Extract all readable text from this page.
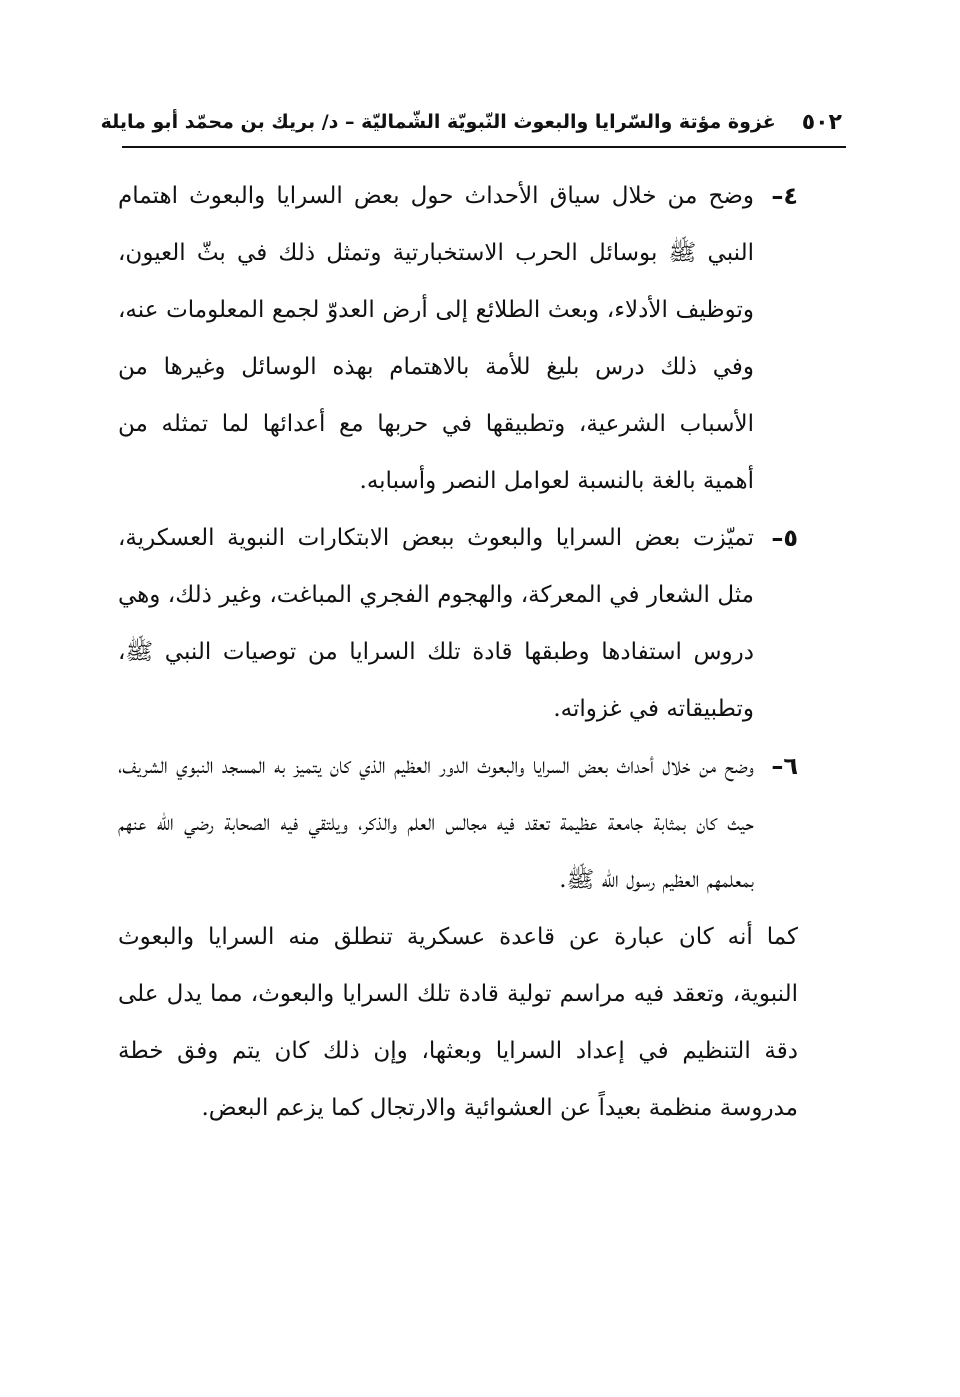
٥٠٢
غزوة مؤتة والسّرايا والبعوث النّبويّة الشّماليّة – د/ بريك بن محمّد أبو مايلة
٤–
وضح من خلال سياق الأحداث حول بعض السرايا والبعوث اهتمام النبي ﷺ بوسائل الحرب الاستخبارتية وتمثل ذلك في بثّ العيون، وتوظيف الأدلاء، وبعث الطلائع إلى أرض العدوّ لجمع المعلومات عنه، وفي ذلك درس بليغ للأمة بالاهتمام بهذه الوسائل وغيرها من الأسباب الشرعية، وتطبيقها في حربها مع أعدائها لما تمثله من أهمية بالغة بالنسبة لعوامل النصر وأسبابه.
٥–
تميّزت بعض السرايا والبعوث ببعض الابتكارات النبوية العسكرية، مثل الشعار في المعركة، والهجوم الفجري المباغت، وغير ذلك، وهي دروس استفادها وطبقها قادة تلك السرايا من توصيات النبي ﷺ، وتطبيقاته في غزواته.
٦–
وضح من خلال أحداث بعض السرايا والبعوث الدور العظيم الذي كان يتميز به المسجد النبوي الشريف، حيث كان بمثابة جامعة عظيمة تعقد فيه مجالس العلم والذكر، ويلتقي فيه الصحابة رضي الله عنهم بمعلمهم العظيم رسول الله ﷺ.
كما أنه كان عبارة عن قاعدة عسكرية تنطلق منه السرايا والبعوث النبوية، وتعقد فيه مراسم تولية قادة تلك السرايا والبعوث، مما يدل على دقة التنظيم في إعداد السرايا وبعثها، وإن ذلك كان يتم وفق خطة مدروسة منظمة بعيداً عن العشوائية والارتجال كما يزعم البعض.
